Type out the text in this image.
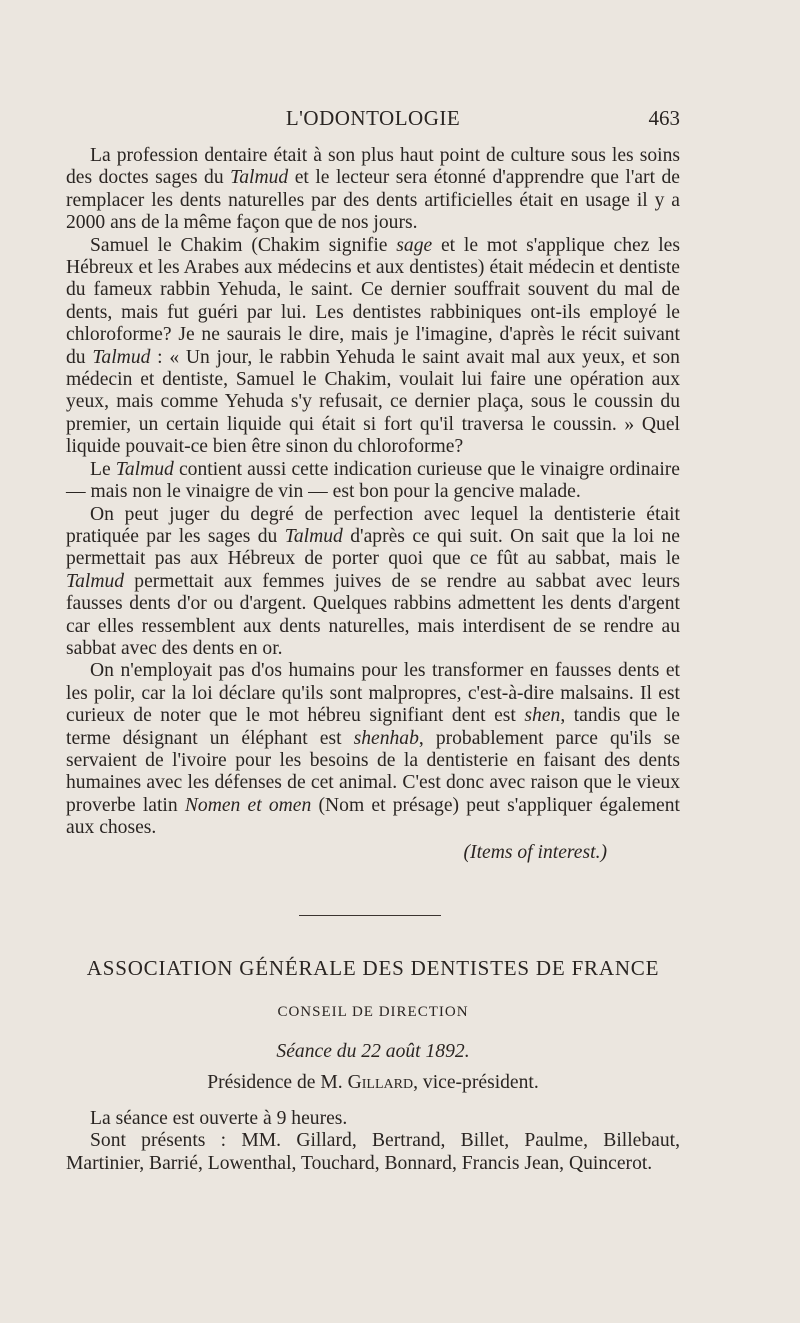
L'ODONTOLOGIE	463

La profession dentaire était à son plus haut point de culture sous les soins des doctes sages du Talmud et le lecteur sera étonné d'apprendre que l'art de remplacer les dents naturelles par des dents artificielles était en usage il y a 2000 ans de la même façon que de nos jours.

Samuel le Chakim (Chakim signifie sage et le mot s'applique chez les Hébreux et les Arabes aux médecins et aux dentistes) était médecin et dentiste du fameux rabbin Yehuda, le saint. Ce dernier souffrait souvent du mal de dents, mais fut guéri par lui. Les dentistes rabbiniques ont-ils employé le chloroforme? Je ne saurais le dire, mais je l'imagine, d'après le récit suivant du Talmud : « Un jour, le rabbin Yehuda le saint avait mal aux yeux, et son médecin et dentiste, Samuel le Chakim, voulait lui faire une opération aux yeux, mais comme Yehuda s'y refusait, ce dernier plaça, sous le coussin du premier, un certain liquide qui était si fort qu'il traversa le coussin. » Quel liquide pouvait-ce bien être sinon du chloroforme?

Le Talmud contient aussi cette indication curieuse que le vinaigre ordinaire — mais non le vinaigre de vin — est bon pour la gencive malade.

On peut juger du degré de perfection avec lequel la dentisterie était pratiquée par les sages du Talmud d'après ce qui suit. On sait que la loi ne permettait pas aux Hébreux de porter quoi que ce fût au sabbat, mais le Talmud permettait aux femmes juives de se rendre au sabbat avec leurs fausses dents d'or ou d'argent. Quelques rabbins admettent les dents d'argent car elles ressemblent aux dents naturelles, mais interdisent de se rendre au sabbat avec des dents en or.

On n'employait pas d'os humains pour les transformer en fausses dents et les polir, car la loi déclare qu'ils sont malpropres, c'est-à-dire malsains. Il est curieux de noter que le mot hébreu signifiant dent est shen, tandis que le terme désignant un éléphant est shenhab, probablement parce qu'ils se servaient de l'ivoire pour les besoins de la dentisterie en faisant des dents humaines avec les défenses de cet animal. C'est donc avec raison que le vieux proverbe latin Nomen et omen (Nom et présage) peut s'appliquer également aux choses.

(Items of interest.)
ASSOCIATION GÉNÉRALE DES DENTISTES DE FRANCE
CONSEIL DE DIRECTION
Séance du 22 août 1892.
Présidence de M. Gillard, vice-président.

La séance est ouverte à 9 heures.

Sont présents : MM. Gillard, Bertrand, Billet, Paulme, Billebaut, Martinier, Barrié, Lowenthal, Touchard, Bonnard, Francis Jean, Quincerot.
